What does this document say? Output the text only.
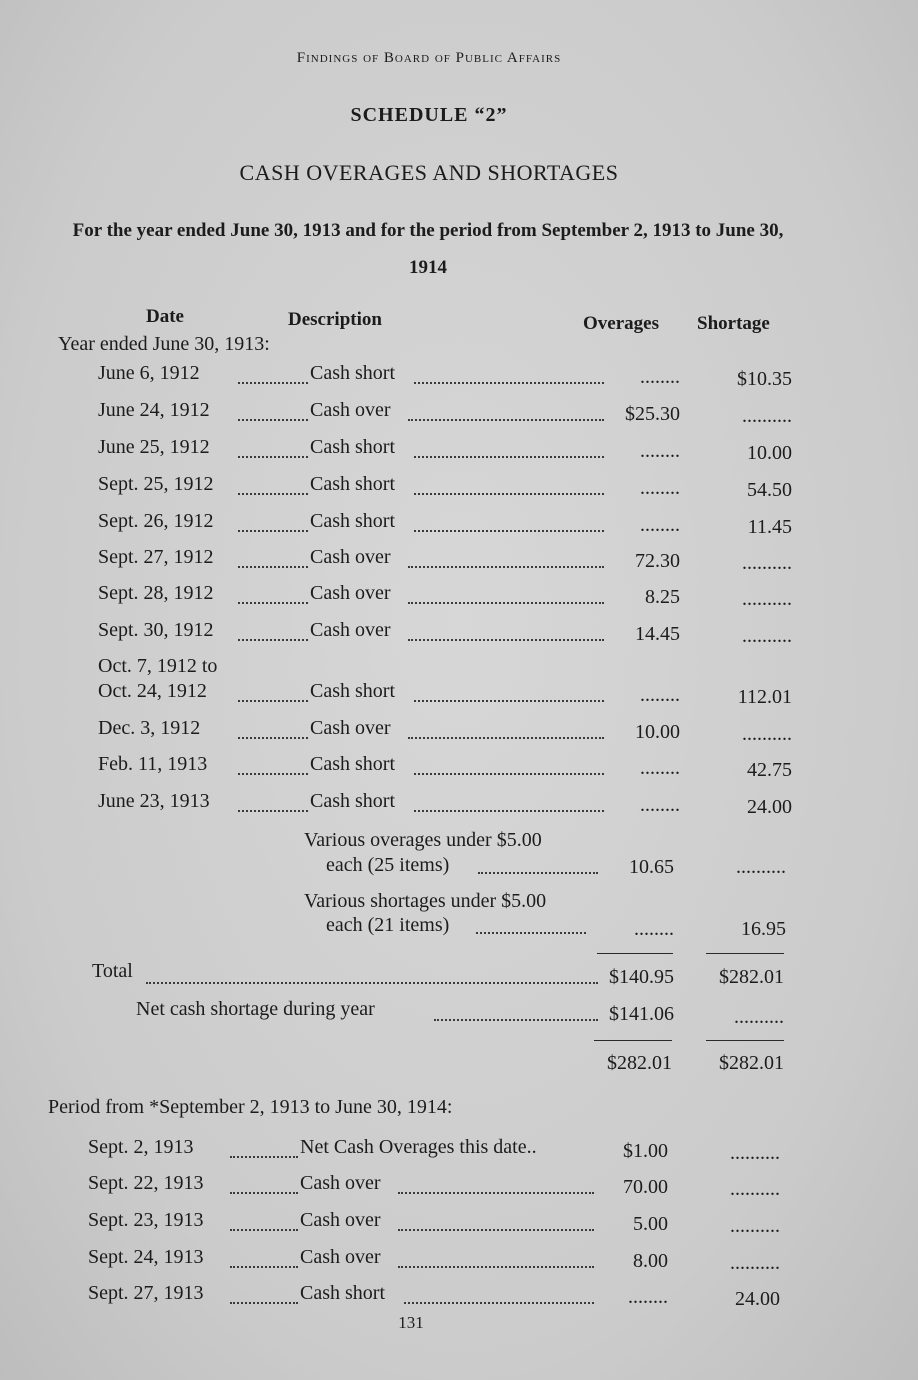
Findings of Board of Public Affairs
SCHEDULE “2”
CASH OVERAGES AND SHORTAGES
For the year ended June 30, 1913 and for the period from September 2, 1913 to June 30, 1914
Date	Description	Overages Shortage
Year ended June 30, 1913:
June 6, 1912	Cash short	........	$10.35
June 24, 1912	Cash over	$25.30	..........
June 25, 1912	Cash short	........	10.00
Sept. 25, 1912	Cash short	........	54.50
Sept. 26, 1912	Cash short	........	11.45
Sept. 27, 1912	Cash over	72.30	..........
Sept. 28, 1912	Cash over	8.25	..........
Sept. 30, 1912	Cash over	14.45	..........
Oct. 7, 1912 to
Oct. 24, 1912	Cash short	........	112.01
Dec. 3, 1912	Cash over	10.00	..........
Feb. 11, 1913	Cash short	........	42.75
June 23, 1913	Cash short	........	24.00
Various overages under $5.00
each (25 items)	10.65	..........
Various shortages under $5.00
each (21 items)	........	16.95
Total	$140.95	$282.01
Net cash shortage during year	$141.06	..........
$282.01	$282.01
Period from *September 2, 1913 to June 30, 1914:
Sept. 2, 1913	Net Cash Overages this date..	$1.00	..........
Sept. 22, 1913	Cash over	70.00	..........
Sept. 23, 1913	Cash over	5.00	..........
Sept. 24, 1913	Cash over	8.00	..........
Sept. 27, 1913	Cash short	........	24.00
131
